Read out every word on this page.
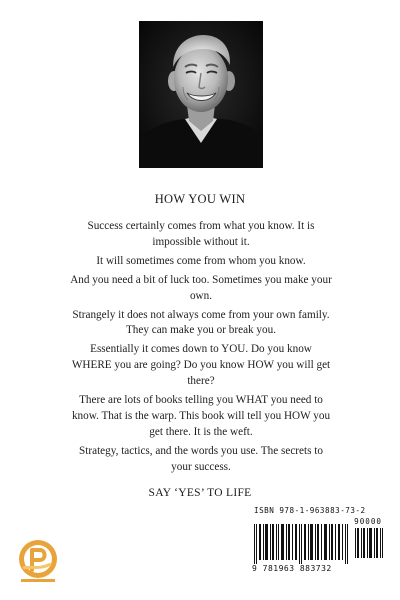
HOW YOU WIN

Success certainly comes from what you know. It is impossible without it.

It will sometimes come from whom you know.

And you need a bit of luck too. Sometimes you make your own.

Strangely it does not always come from your own family. They can make you or break you.

Essentially it comes down to YOU. Do you know WHERE you are going? Do you know HOW you will get there?

There are lots of books telling you WHAT you need to know. That is the warp. This book will tell you HOW you get there. It is the weft.

Strategy, tactics, and the words you use. The secrets to your success.

SAY ‘YES’ TO LIFE
ISBN 978-1-963883-73-2
90000
9 781963 883732
